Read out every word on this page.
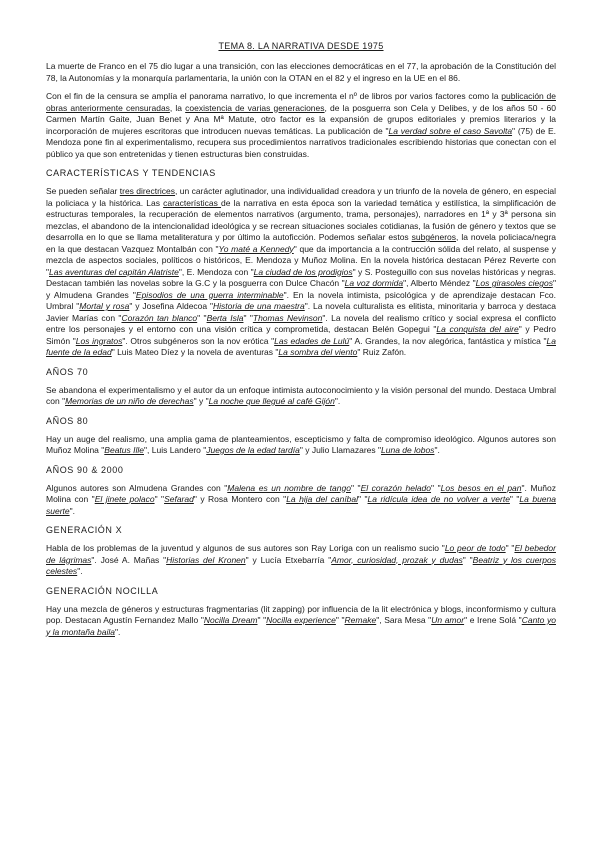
TEMA 8. LA NARRATIVA DESDE 1975

La muerte de Franco en el 75 dio lugar a una transición, con las elecciones democráticas en el 77, la aprobación de la Constitución del 78, la Autonomías y la monarquía parlamentaria, la unión con la OTAN en el 82 y el ingreso en la UE en el 86.

Con el fin de la censura se amplía el panorama narrativo, lo que incrementa el nº de libros por varios factores como la publicación de obras anteriormente censuradas, la coexistencia de varias generaciones, de la posguerra son Cela y Delibes, y de los años 50 - 60 Carmen Martín Gaite, Juan Benet y Ana Mª Matute, otro factor es la expansión de grupos editoriales y premios literarios y la incorporación de mujeres escritoras que introducen nuevas temáticas. La publicación de "La verdad sobre el caso Savolta" (75) de E. Mendoza pone fin al experimentalismo, recupera sus procedimientos narrativos tradicionales escribiendo historias que conectan con el público ya que son entretenidas y tienen estructuras bien construidas.

CARACTERÍSTICAS Y TENDENCIAS

Se pueden señalar tres directrices, un carácter aglutinador, una individualidad creadora y un triunfo de la novela de género, en especial la policiaca y la histórica. Las características de la narrativa en esta época son la variedad temática y estilística, la simplificación de estructuras temporales, la recuperación de elementos narrativos (argumento, trama, personajes), narradores en 1ª y 3ª persona sin mezclas, el abandono de la intencionalidad ideológica y se recrean situaciones sociales cotidianas, la fusión de género y textos que se desarrolla en lo que se llama metaliteratura y por último la autoficción. Podemos señalar estos subgéneros, la novela policiaca/negra en la que destacan Vazquez Montalbán con "Yo maté a Kennedy" que da importancia a la contrucción sólida del relato, al suspense y mezcla de aspectos sociales, políticos o históricos, E. Mendoza y Muñoz Molina. En la novela histórica destacan Pérez Reverte con "Las aventuras del capitán Alatriste", E. Mendoza con "La ciudad de los prodigios" y S. Posteguillo con sus novelas históricas y negras. Destacan también las novelas sobre la G.C y la posguerra con Dulce Chacón "La voz dormida", Alberto Méndez "Los girasoles ciegos" y Almudena Grandes "Episodios de una guerra interminable". En la novela intimista, psicológica y de aprendizaje destacan Fco. Umbral "Mortal y rosa" y Josefina Aldecoa "Historia de una maestra". La novela culturalista es elitista, minoritaria y barroca y destaca Javier Marías con "Corazón tan blanco" "Berta Isla" "Thomas Nevinson". La novela del realismo crítico y social expresa el conflicto entre los personajes y el entorno con una visión crítica y comprometida, destacan Belén Gopegui "La conquista del aire" y Pedro Simón "Los ingratos". Otros subgéneros son la nov erótica "Las edades de Lulú" A. Grandes, la nov alegórica, fantástica y mística "La fuente de la edad" Luis Mateo Díez y la novela de aventuras "La sombra del viento" Ruiz Zafón.

AÑOS 70

Se abandona el experimentalismo y el autor da un enfoque intimista autoconocimiento y la visión personal del mundo. Destaca Umbral con "Memorias de un niño de derechas" y "La noche que llegué al café Gijón".

AÑOS 80

Hay un auge del realismo, una amplia gama de planteamientos, escepticismo y falta de compromiso ideológico. Algunos autores son Muñoz Molina "Beatus Ille", Luis Landero "Juegos de la edad tardía" y Julio Llamazares "Luna de lobos".

AÑOS 90 & 2000

Algunos autores son Almudena Grandes con "Malena es un nombre de tango" "El corazón helado" "Los besos en el pan". Muñoz Molina con "El jinete polaco" "Sefarad" y Rosa Montero con "La hija del caníbal" "La ridícula idea de no volver a verte" "La buena suerte".

GENERACIÓN X

Habla de los problemas de la juventud y algunos de sus autores son Ray Loriga con un realismo sucio "Lo peor de todo" "El bebedor de lágrimas". José A. Mañas "Historias del Kronen" y Lucía Etxebarría "Amor, curiosidad, prozak y dudas" "Beatriz y los cuerpos celestes".

GENERACIÓN NOCILLA

Hay una mezcla de géneros y estructuras fragmentarias (lit zapping) por influencia de la lit electrónica y blogs, inconformismo y cultura pop. Destacan Agustín Fernandez Mallo "Nocilla Dream" "Nocilla experience" "Remake", Sara Mesa "Un amor" e Irene Solá "Canto yo y la montaña baila".
